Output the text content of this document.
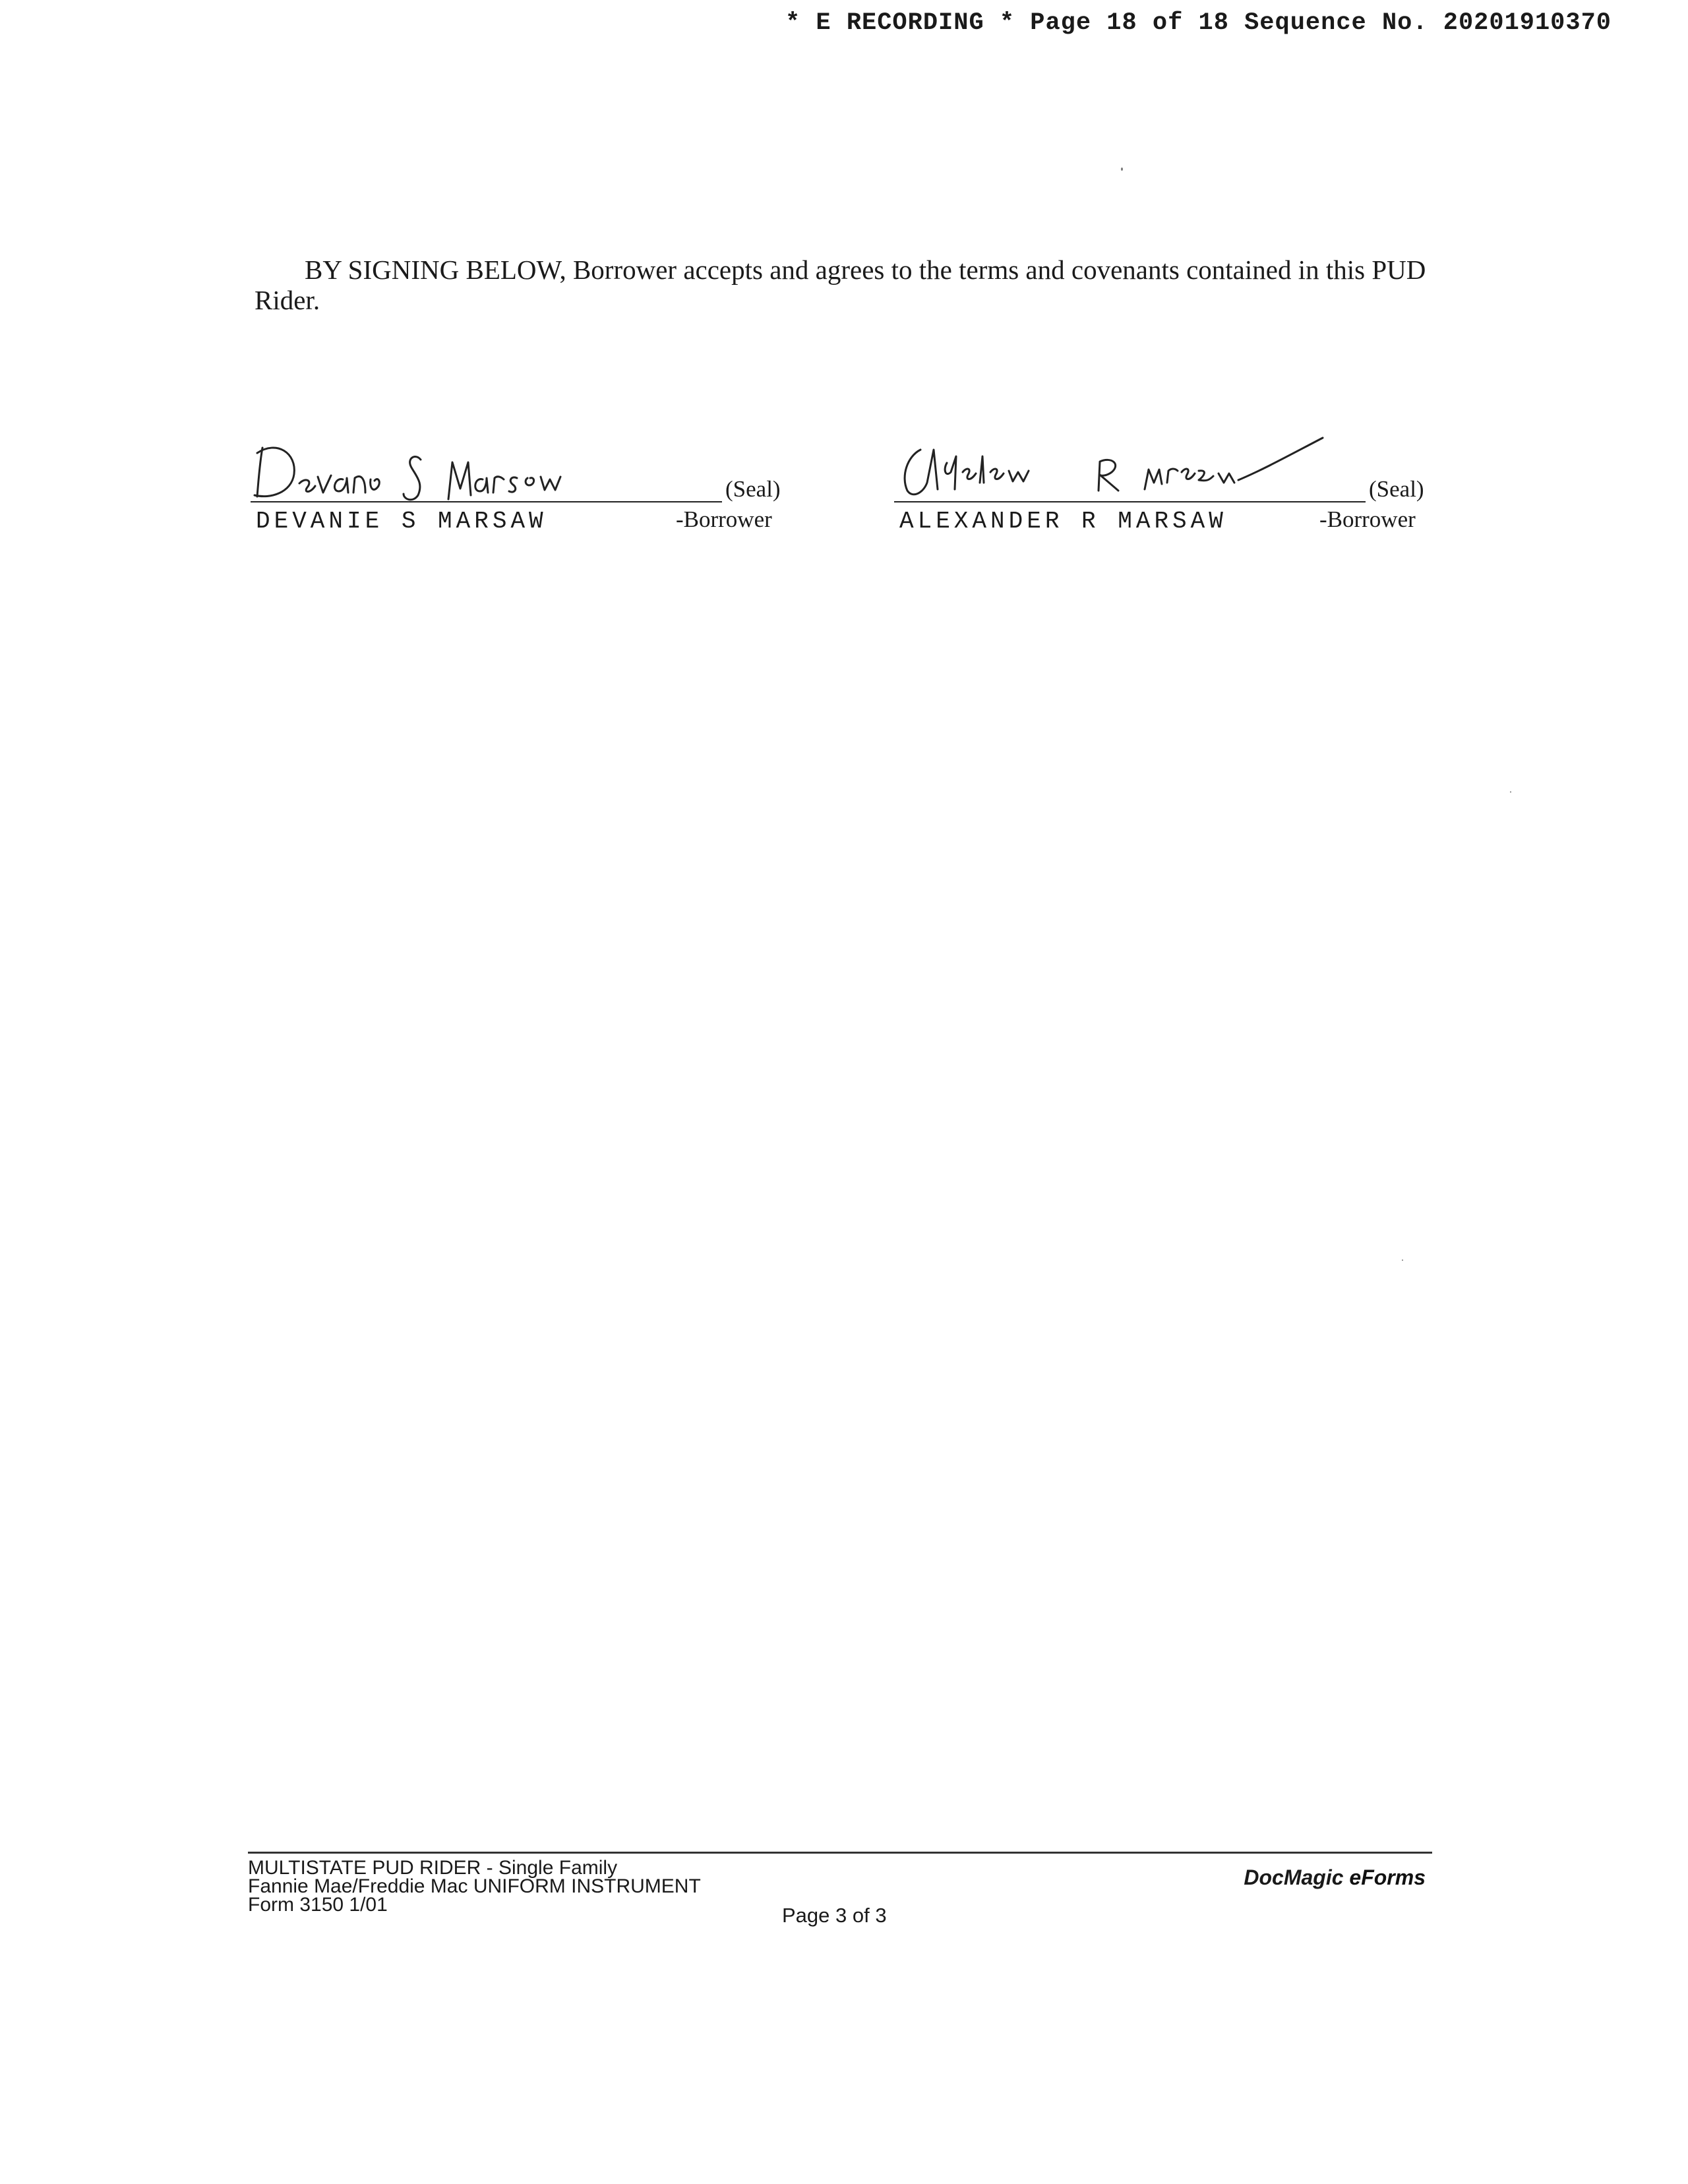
* E RECORDING * Page 18 of 18 Sequence No. 20201910370

BY SIGNING BELOW, Borrower accepts and agrees to the terms and covenants contained in this PUD Rider.

(Seal)
DEVANIE S MARSAW	-Borrower
(Seal)
ALEXANDER R MARSAW	-Borrower
MULTISTATE PUD RIDER - Single Family
Fannie Mae/Freddie Mac UNIFORM INSTRUMENT
Form 3150 1/01	Page 3 of 3
DocMagic eForms
